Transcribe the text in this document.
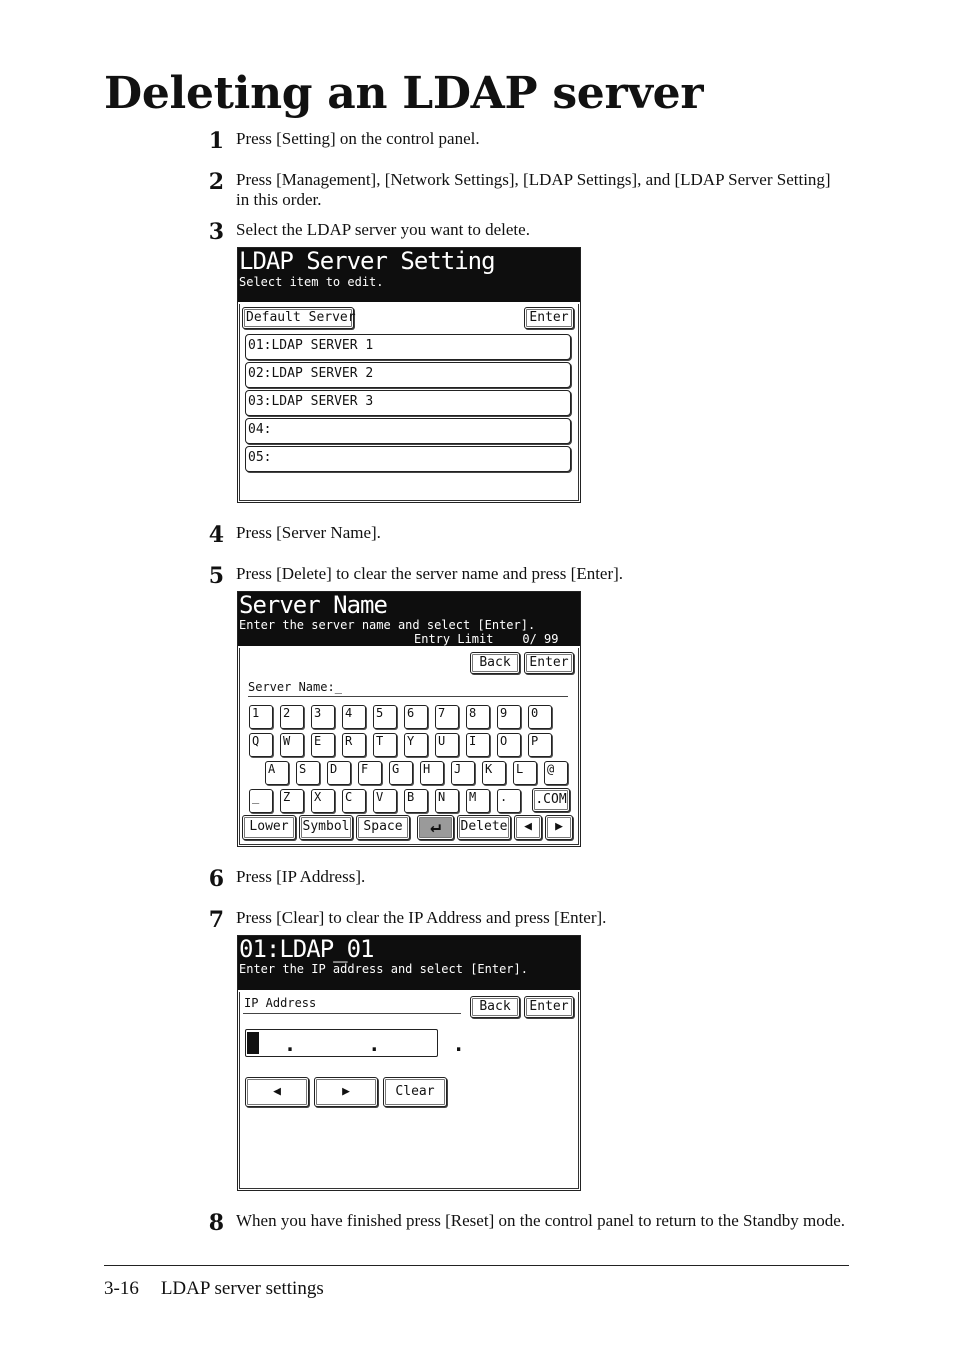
Deleting an LDAP server
1 Press [Setting] on the control panel.
2 Press [Management], [Network Settings], [LDAP Settings], and [LDAP Server Setting] in this order.
3 Select the LDAP server you want to delete.
LDAP Server Setting
Select item to edit.
Default Server	Enter
01:LDAP SERVER 1
02:LDAP SERVER 2
03:LDAP SERVER 3
04:
05:
4 Press [Server Name].
5 Press [Delete] to clear the server name and press [Enter].
Server Name
Enter the server name and select [Enter].
Entry Limit    0/ 99
Back	Enter
Server Name:_
1	2	3	4	5	6	7	8	9	0
Q	W	E	R	T	Y	U	I	O	P
A	S	D	F	G	H	J	K	L	@
_	Z	X	C	V	B	N	M	.	.COM
Lower	Symbol	Space	↵	Delete	◀	▶
6 Press [IP Address].
7 Press [Clear] to clear the IP Address and press [Enter].
01:LDAP_01
Enter the IP address and select [Enter].
IP Address	Back	Enter
.      .      .
◀	▶	Clear
8 When you have finished press [Reset] on the control panel to return to the Standby mode.
3-16 LDAP server settings
